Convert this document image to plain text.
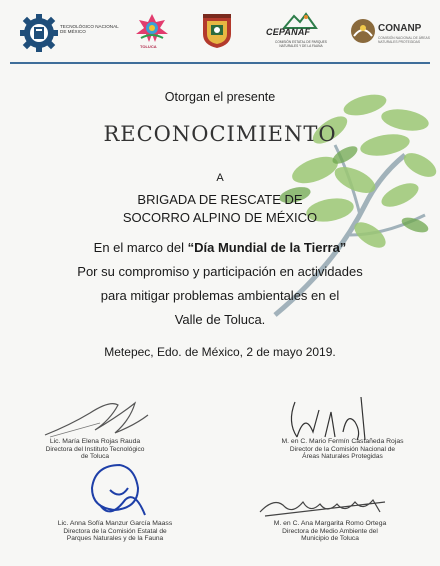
TECNOLÓGICO NACIONAL DE MÉXICO
TOLUCA
CEPANAF
COMISIÓN ESTATAL DE PARQUES NATURALES Y DE LA FAUNA
CONANP
COMISIÓN NACIONAL DE ÁREAS NATURALES PROTEGIDAS
Otorgan el presente
RECONOCIMIENTO
A
BRIGADA DE RESCATE DE
SOCORRO ALPINO DE MÉXICO
En el marco del “Día Mundial de la Tierra”
Por su compromiso y participación en actividades
para mitigar problemas ambientales en el
Valle de Toluca.
Metepec, Edo. de México, 2 de mayo 2019.
Lic. María Elena Rojas Rauda
Directora del Instituto Tecnológico
de Toluca
M. en C. Mario Fermín Castañeda Rojas
Director de la Comisión Nacional de
Áreas Naturales Protegidas
Lic. Anna Sofía Manzur García Maass
Directora de la Comisión Estatal de
Parques Naturales y de la Fauna
M. en C. Ana Margarita Romo Ortega
Directora de Medio Ambiente del
Municipio de Toluca
